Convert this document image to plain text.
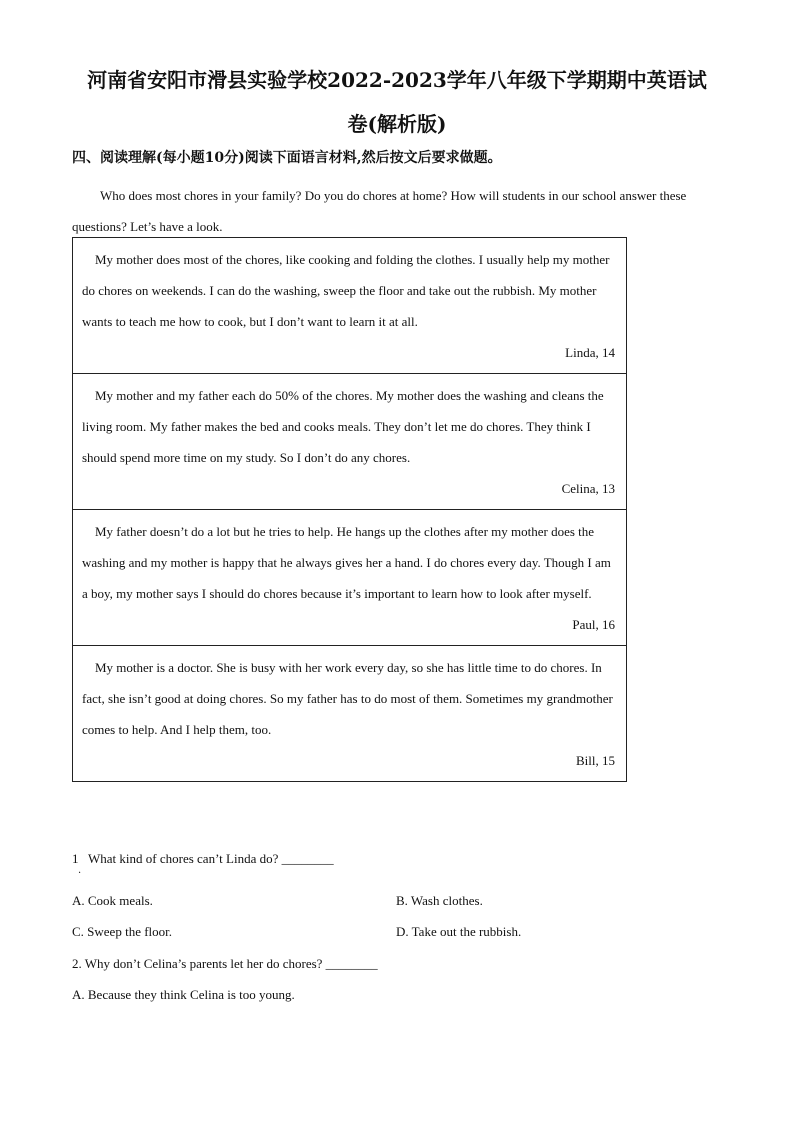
河南省安阳市滑县实验学校2022-2023学年八年级下学期期中英语试
卷(解析版)
四、阅读理解(每小题10分)阅读下面语言材料,然后按文后要求做题。
Who does most chores in your family? Do you do chores at home? How will students in our school answer these questions? Let’s have a look.
My mother does most of the chores, like cooking and folding the clothes. I usually help my mother do chores on weekends. I can do the washing, sweep the floor and take out the rubbish. My mother wants to teach me how to cook, but I don’t want to learn it at all.
Linda, 14
My mother and my father each do 50% of the chores. My mother does the washing and cleans the living room. My father makes the bed and cooks meals. They don’t let me do chores. They think I should spend more time on my study. So I don’t do any chores.
Celina, 13
My father doesn’t do a lot but he tries to help. He hangs up the clothes after my mother does the washing and my mother is happy that he always gives her a hand. I do chores every day. Though I am a boy, my mother says I should do chores because it’s important to learn how to look after myself.
Paul, 16
My mother is a doctor. She is busy with her work every day, so she has little time to do chores. In fact, she isn’t good at doing chores. So my father has to do most of them. Sometimes my grandmother comes to help. And I help them, too.
Bill, 15
1 What kind of chores can’t Linda do? ________
.
A. Cook meals.	B. Wash clothes.
C. Sweep the floor.	D. Take out the rubbish.
2. Why don’t Celina’s parents let her do chores? ________
A. Because they think Celina is too young.
